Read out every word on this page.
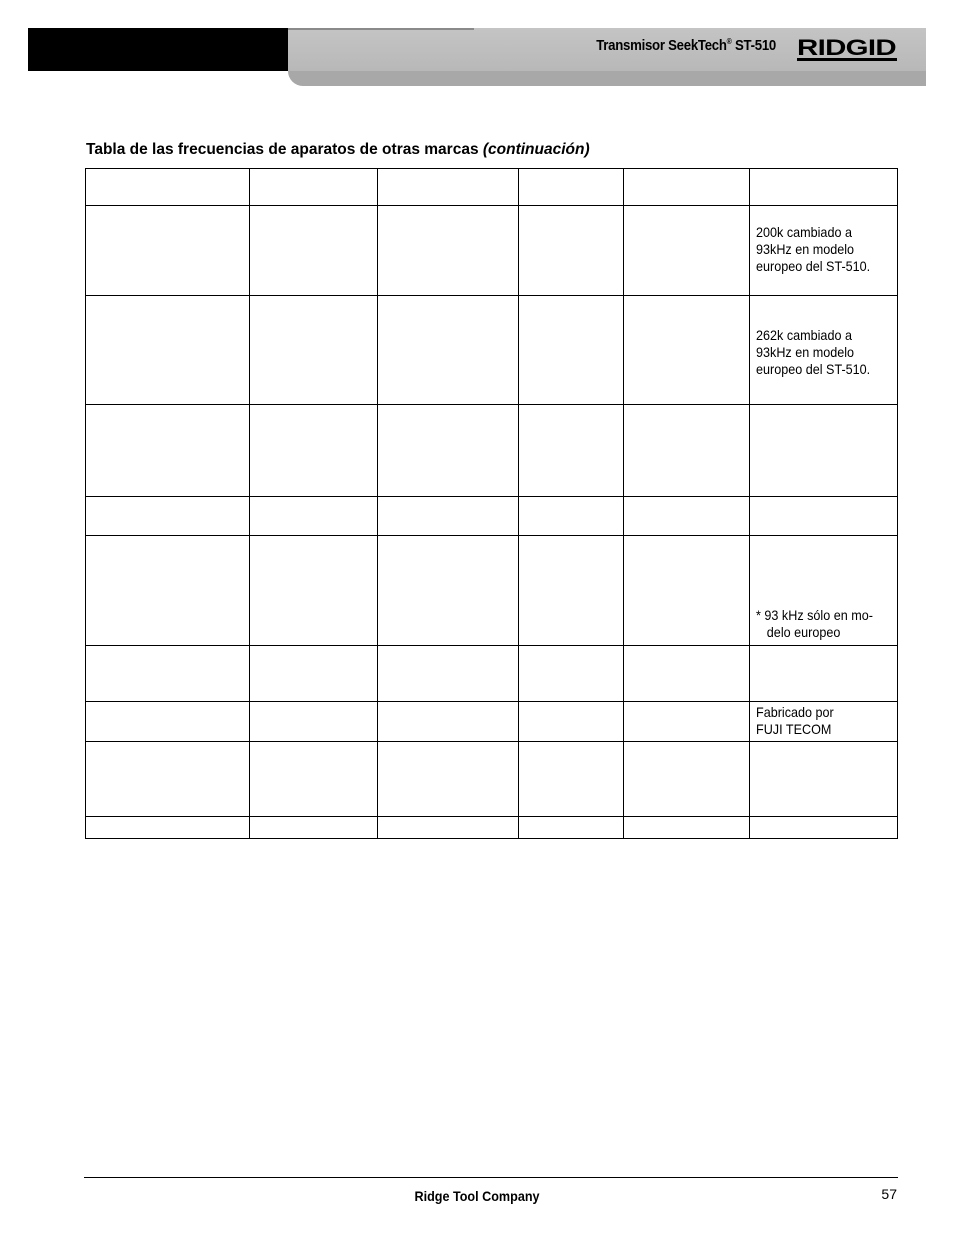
Transmisor SeekTech® ST-510 RIDGID
Tabla de las frecuencias de aparatos de otras marcas (continuación)
200k cambiado a
93kHz en modelo
europeo del ST-510.
262k cambiado a
93kHz en modelo
europeo del ST-510.
* 93 kHz sólo en mo-
delo europeo
Fabricado por
FUJI TECOM
Ridge Tool Company	57
